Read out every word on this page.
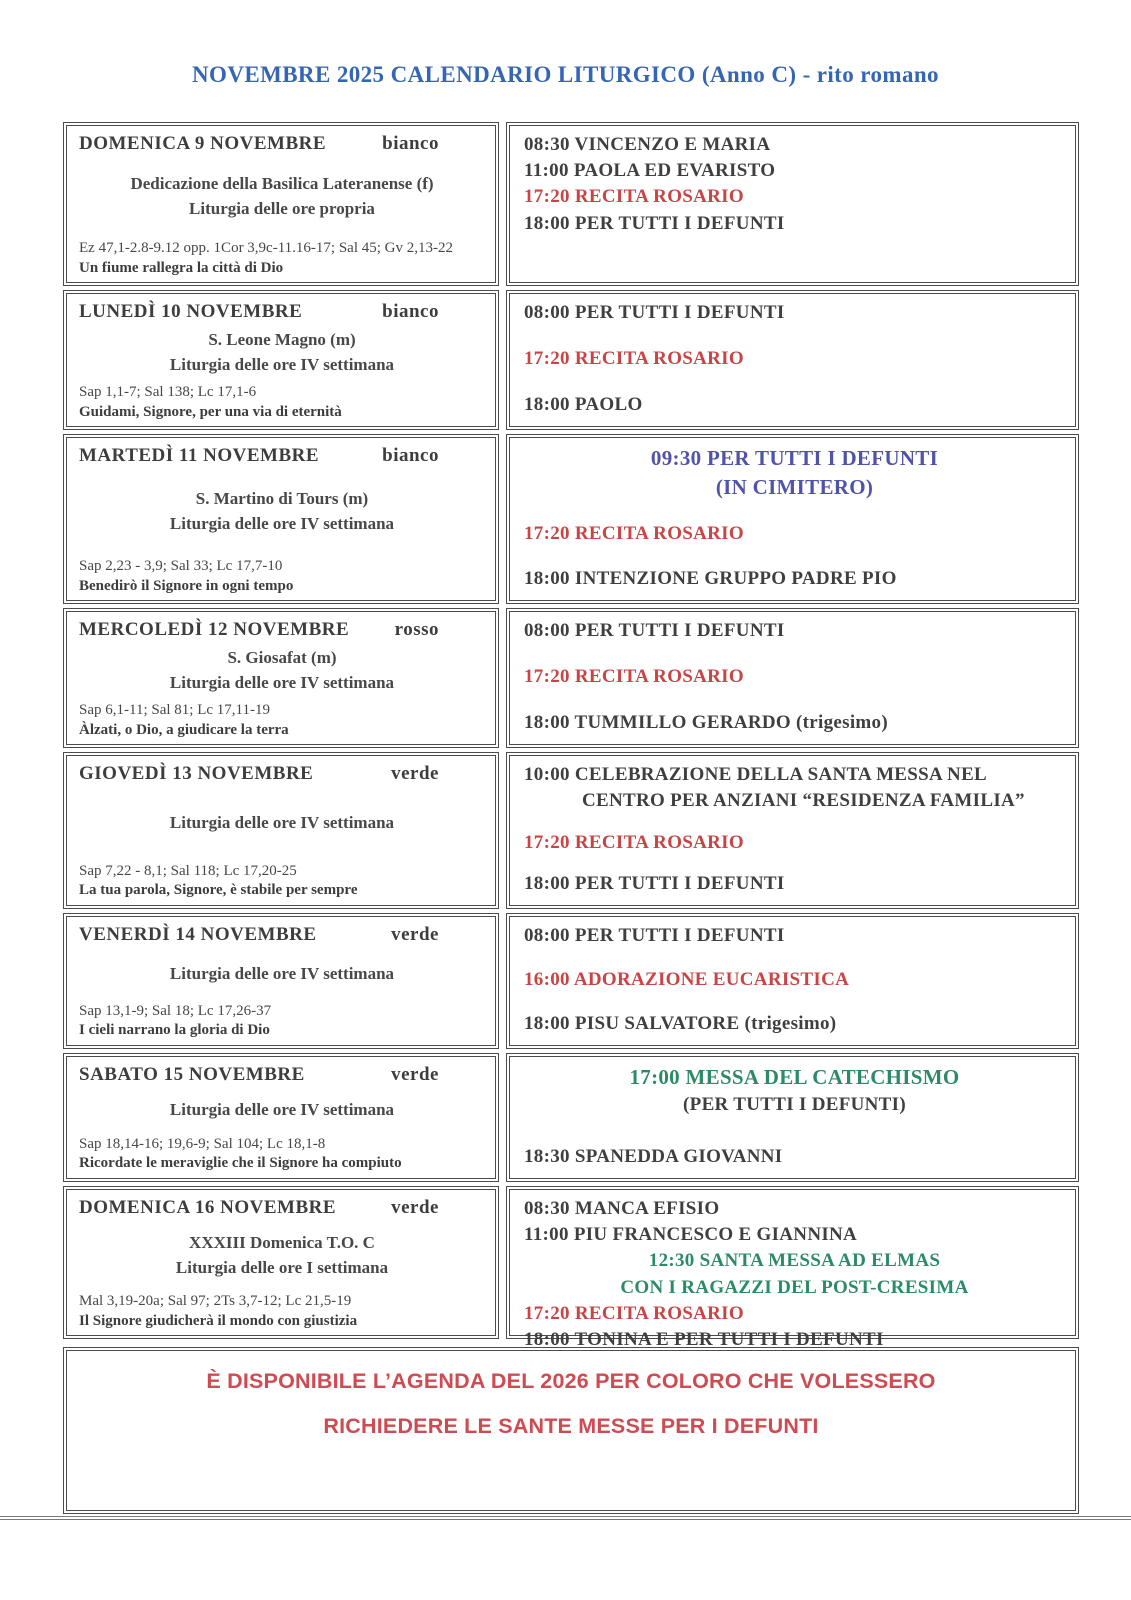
NOVEMBRE 2025 CALENDARIO LITURGICO (Anno C) - rito romano
DOMENICA 9 NOVEMBRE	bianco
Dedicazione della Basilica Lateranense (f)
Liturgia delle ore propria
Ez 47,1-2.8-9.12 opp. 1Cor 3,9c-11.16-17; Sal 45; Gv 2,13-22
Un fiume rallegra la città di Dio
08:30 VINCENZO E MARIA
11:00 PAOLA ED EVARISTO
17:20 RECITA ROSARIO
18:00 PER TUTTI I DEFUNTI
LUNEDÌ 10 NOVEMBRE	bianco
S. Leone Magno (m)
Liturgia delle ore IV settimana
Sap 1,1-7; Sal 138; Lc 17,1-6
Guidami, Signore, per una via di eternità
08:00 PER TUTTI I DEFUNTI
17:20 RECITA ROSARIO
18:00 PAOLO
MARTEDÌ 11 NOVEMBRE	bianco
S. Martino di Tours (m)
Liturgia delle ore IV settimana
Sap 2,23 - 3,9; Sal 33; Lc 17,7-10
Benedirò il Signore in ogni tempo
09:30 PER TUTTI I DEFUNTI
(IN CIMITERO)
17:20 RECITA ROSARIO
18:00 INTENZIONE GRUPPO PADRE PIO
MERCOLEDÌ 12 NOVEMBRE rosso
S. Giosafat (m)
Liturgia delle ore IV settimana
Sap 6,1-11; Sal 81; Lc 17,11-19
Àlzati, o Dio, a giudicare la terra
08:00 PER TUTTI I DEFUNTI
17:20 RECITA ROSARIO
18:00 TUMMILLO GERARDO (trigesimo)
GIOVEDÌ 13 NOVEMBRE	verde
Liturgia delle ore IV settimana
Sap 7,22 - 8,1; Sal 118; Lc 17,20-25
La tua parola, Signore, è stabile per sempre
10:00 CELEBRAZIONE DELLA SANTA MESSA NEL
CENTRO PER ANZIANI “RESIDENZA FAMILIA”
17:20 RECITA ROSARIO
18:00 PER TUTTI I DEFUNTI
VENERDÌ 14 NOVEMBRE	verde
Liturgia delle ore IV settimana
Sap 13,1-9; Sal 18; Lc 17,26-37
I cieli narrano la gloria di Dio
08:00 PER TUTTI I DEFUNTI
16:00 ADORAZIONE EUCARISTICA
18:00 PISU SALVATORE (trigesimo)
SABATO 15 NOVEMBRE	verde
Liturgia delle ore IV settimana
Sap 18,14-16; 19,6-9; Sal 104; Lc 18,1-8
Ricordate le meraviglie che il Signore ha compiuto
17:00 MESSA DEL CATECHISMO
(PER TUTTI I DEFUNTI)
18:30 SPANEDDA GIOVANNI
DOMENICA 16 NOVEMBRE	verde
XXXIII Domenica T.O. C
Liturgia delle ore I settimana
Mal 3,19-20a; Sal 97; 2Ts 3,7-12; Lc 21,5-19
Il Signore giudicherà il mondo con giustizia
08:30 MANCA EFISIO
11:00 PIU FRANCESCO E GIANNINA
12:30 SANTA MESSA AD ELMAS
CON I RAGAZZI DEL POST-CRESIMA
17:20 RECITA ROSARIO
18:00 TONINA E PER TUTTI I DEFUNTI
È DISPONIBILE L’AGENDA DEL 2026 PER COLORO CHE VOLESSERO
RICHIEDERE LE SANTE MESSE PER I DEFUNTI
